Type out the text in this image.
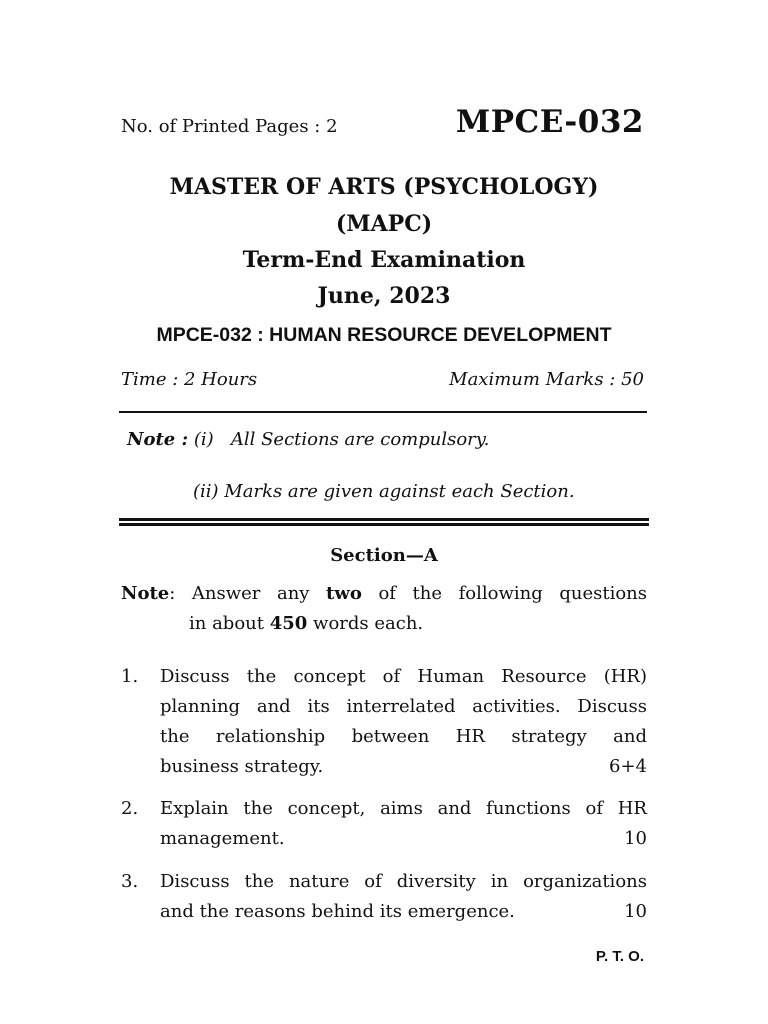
No. of Printed Pages : 2	MPCE-032
MASTER OF ARTS (PSYCHOLOGY)
(MAPC)
Term-End Examination
June, 2023
MPCE-032 : HUMAN RESOURCE DEVELOPMENT
Time : 2 Hours	Maximum Marks : 50
Note : (i) All Sections are compulsory.
(ii) Marks are given against each Section.
Section—A
Note: Answer any two of the following questions
in about 450 words each.
1. Discuss the concept of Human Resource (HR)
planning and its interrelated activities. Discuss
the relationship between HR strategy and
business strategy.	6+4
2. Explain the concept, aims and functions of HR
management.	10
3. Discuss the nature of diversity in organizations
and the reasons behind its emergence.	10
P. T. O.
